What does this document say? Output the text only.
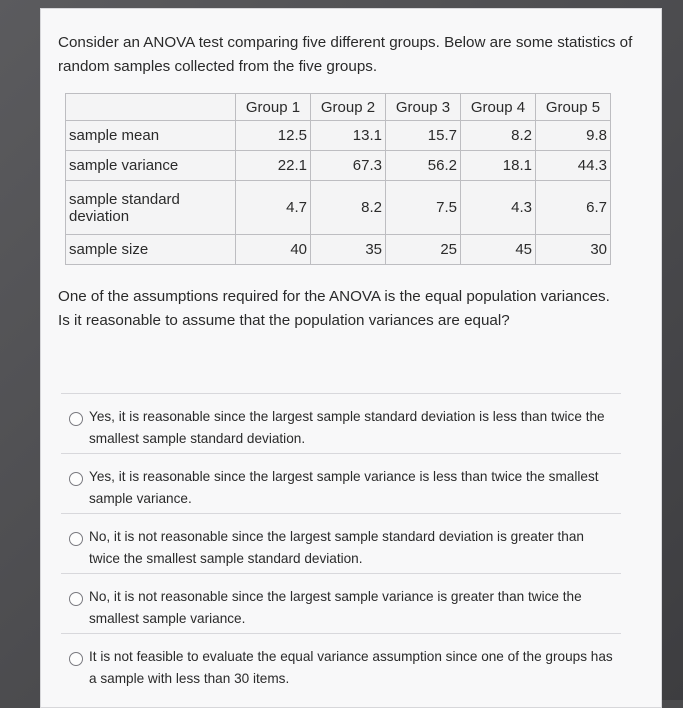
Consider an ANOVA test comparing five different groups. Below are some statistics of random samples collected from the five groups.
	Group 1	Group 2	Group 3	Group 4	Group 5
sample mean	12.5	13.1	15.7	8.2	9.8
sample variance	22.1	67.3	56.2	18.1	44.3
sample standard deviation	4.7	8.2	7.5	4.3	6.7
sample size	40	35	25	45	30
One of the assumptions required for the ANOVA is the equal population variances. Is it reasonable to assume that the population variances are equal?
Yes, it is reasonable since the largest sample standard deviation is less than twice the smallest sample standard deviation.
Yes, it is reasonable since the largest sample variance is less than twice the smallest sample variance.
No, it is not reasonable since the largest sample standard deviation is greater than twice the smallest sample standard deviation.
No, it is not reasonable since the largest sample variance is greater than twice the smallest sample variance.
It is not feasible to evaluate the equal variance assumption since one of the groups has a sample with less than 30 items.
